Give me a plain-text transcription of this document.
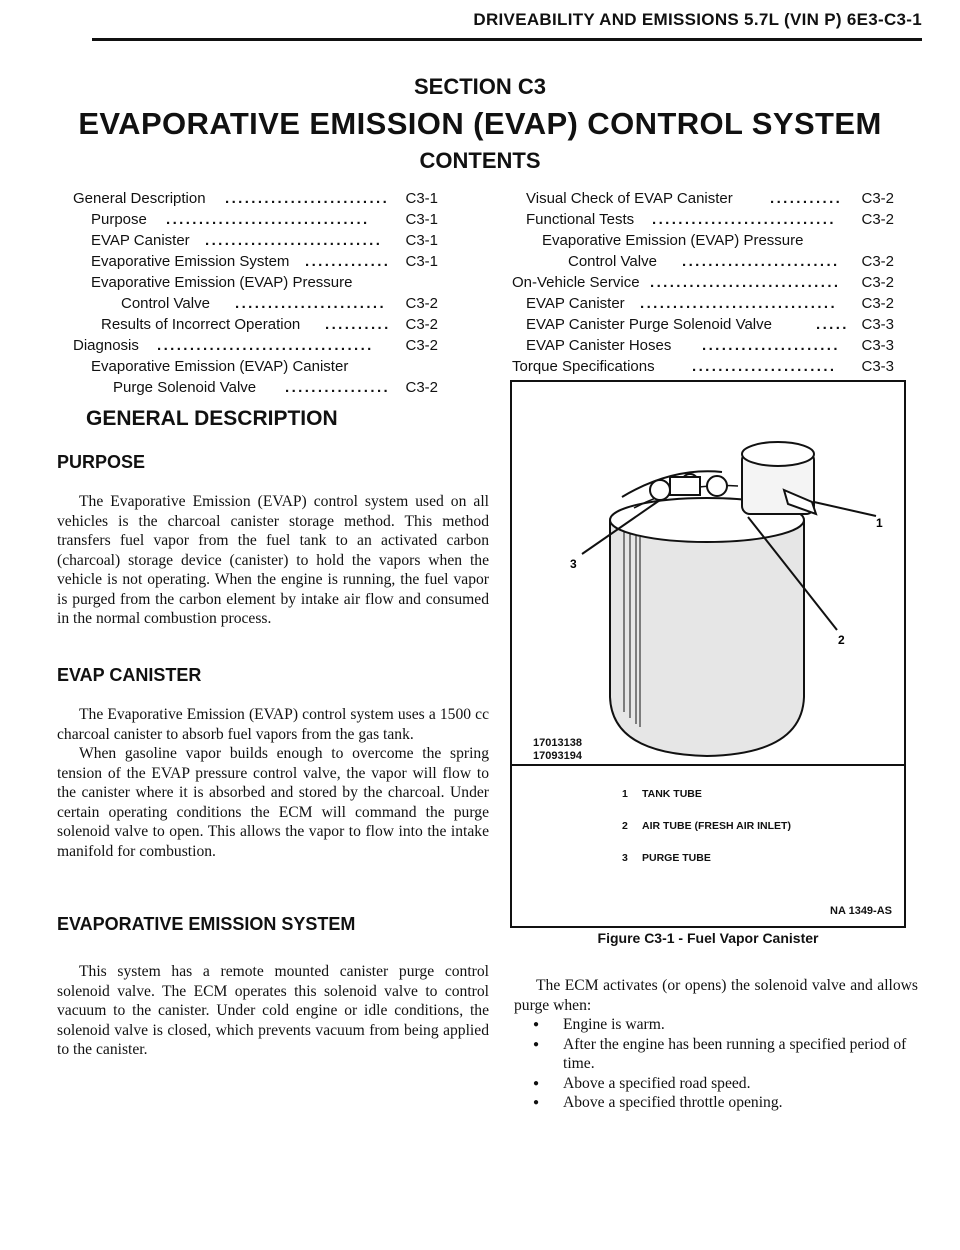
DRIVEABILITY AND EMISSIONS 5.7L (VIN P) 6E3-C3-1
SECTION C3
EVAPORATIVE EMISSION (EVAP) CONTROL SYSTEM
CONTENTS
General Description .........................	C3-1
Purpose ...............................	C3-1
EVAP Canister ...........................	C3-1
Evaporative Emission System .............	C3-1
Evaporative Emission (EVAP) Pressure
Control Valve .......................	C3-2
Results of Incorrect Operation .......... C3-2
Diagnosis .................................	C3-2
Evaporative Emission (EVAP) Canister
Purge Solenoid Valve ................	C3-2
Visual Check of EVAP Canister ...........	C3-2
Functional Tests ............................	C3-2
Evaporative Emission (EVAP) Pressure
Control Valve ........................	C3-2
On-Vehicle Service .............................	C3-2
EVAP Canister ..............................	C3-2
EVAP Canister Purge Solenoid Valve	..... C3-3
EVAP Canister Hoses .....................	C3-3
Torque Specifications ......................	C3-3
GENERAL DESCRIPTION
PURPOSE

The Evaporative Emission (EVAP) control system used on all vehicles is the charcoal canister storage method. This method transfers fuel vapor from the fuel tank to an activated carbon (charcoal) storage device (canister) to hold the vapors when the vehicle is not operating. When the engine is running, the fuel vapor is purged from the carbon element by intake air flow and consumed in the normal combustion process.

EVAP CANISTER

The Evaporative Emission (EVAP) control system uses a 1500 cc charcoal canister to absorb fuel vapors from the gas tank.

When gasoline vapor builds enough to overcome the spring tension of the EVAP pressure control valve, the vapor will flow to the canister where it is absorbed and stored by the charcoal. Under certain operating conditions the ECM will command the purge solenoid valve to open. This allows the vapor to flow into the intake manifold for combustion.

EVAPORATIVE EMISSION SYSTEM

This system has a remote mounted canister purge control solenoid valve. The ECM operates this solenoid valve to control vacuum to the canister. Under cold engine or idle conditions, the solenoid valve is closed, which prevents vacuum from being applied to the canister.

1
2
3
17013138
17093194
1 TANK TUBE
2 AIR TUBE (FRESH AIR INLET)
3 PURGE TUBE
NA 1349-AS
Figure C3-1 - Fuel Vapor Canister

The ECM activates (or opens) the solenoid valve and allows purge when:

● Engine is warm.
● After the engine has been running a specified period of time.
● Above a specified road speed.
● Above a specified throttle opening.
